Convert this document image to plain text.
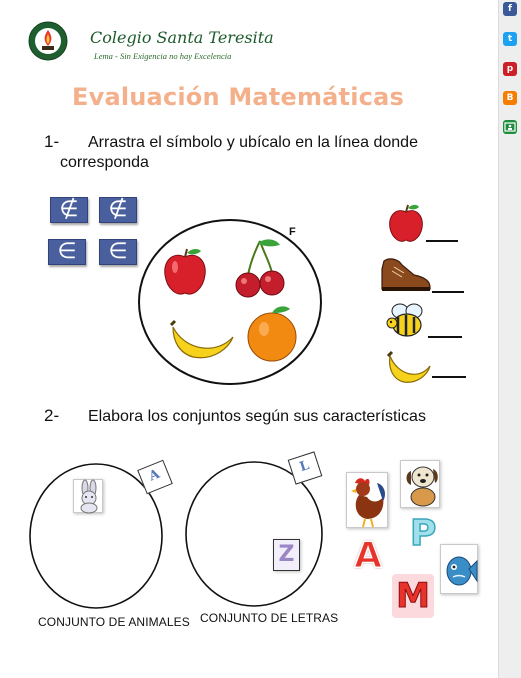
Colegio Santa Teresita
Lema - Sin Exigencia no hay Excelencia
Evaluación Matemáticas
1-	Arrastra el símbolo y ubícalo en la línea donde corresponda
∉	∉
∈	∈
F
2- Elabora los conjuntos según sus características
A
CONJUNTO DE ANIMALES
L
Z
CONJUNTO DE LETRAS
P
A
M
f
t
p
B
